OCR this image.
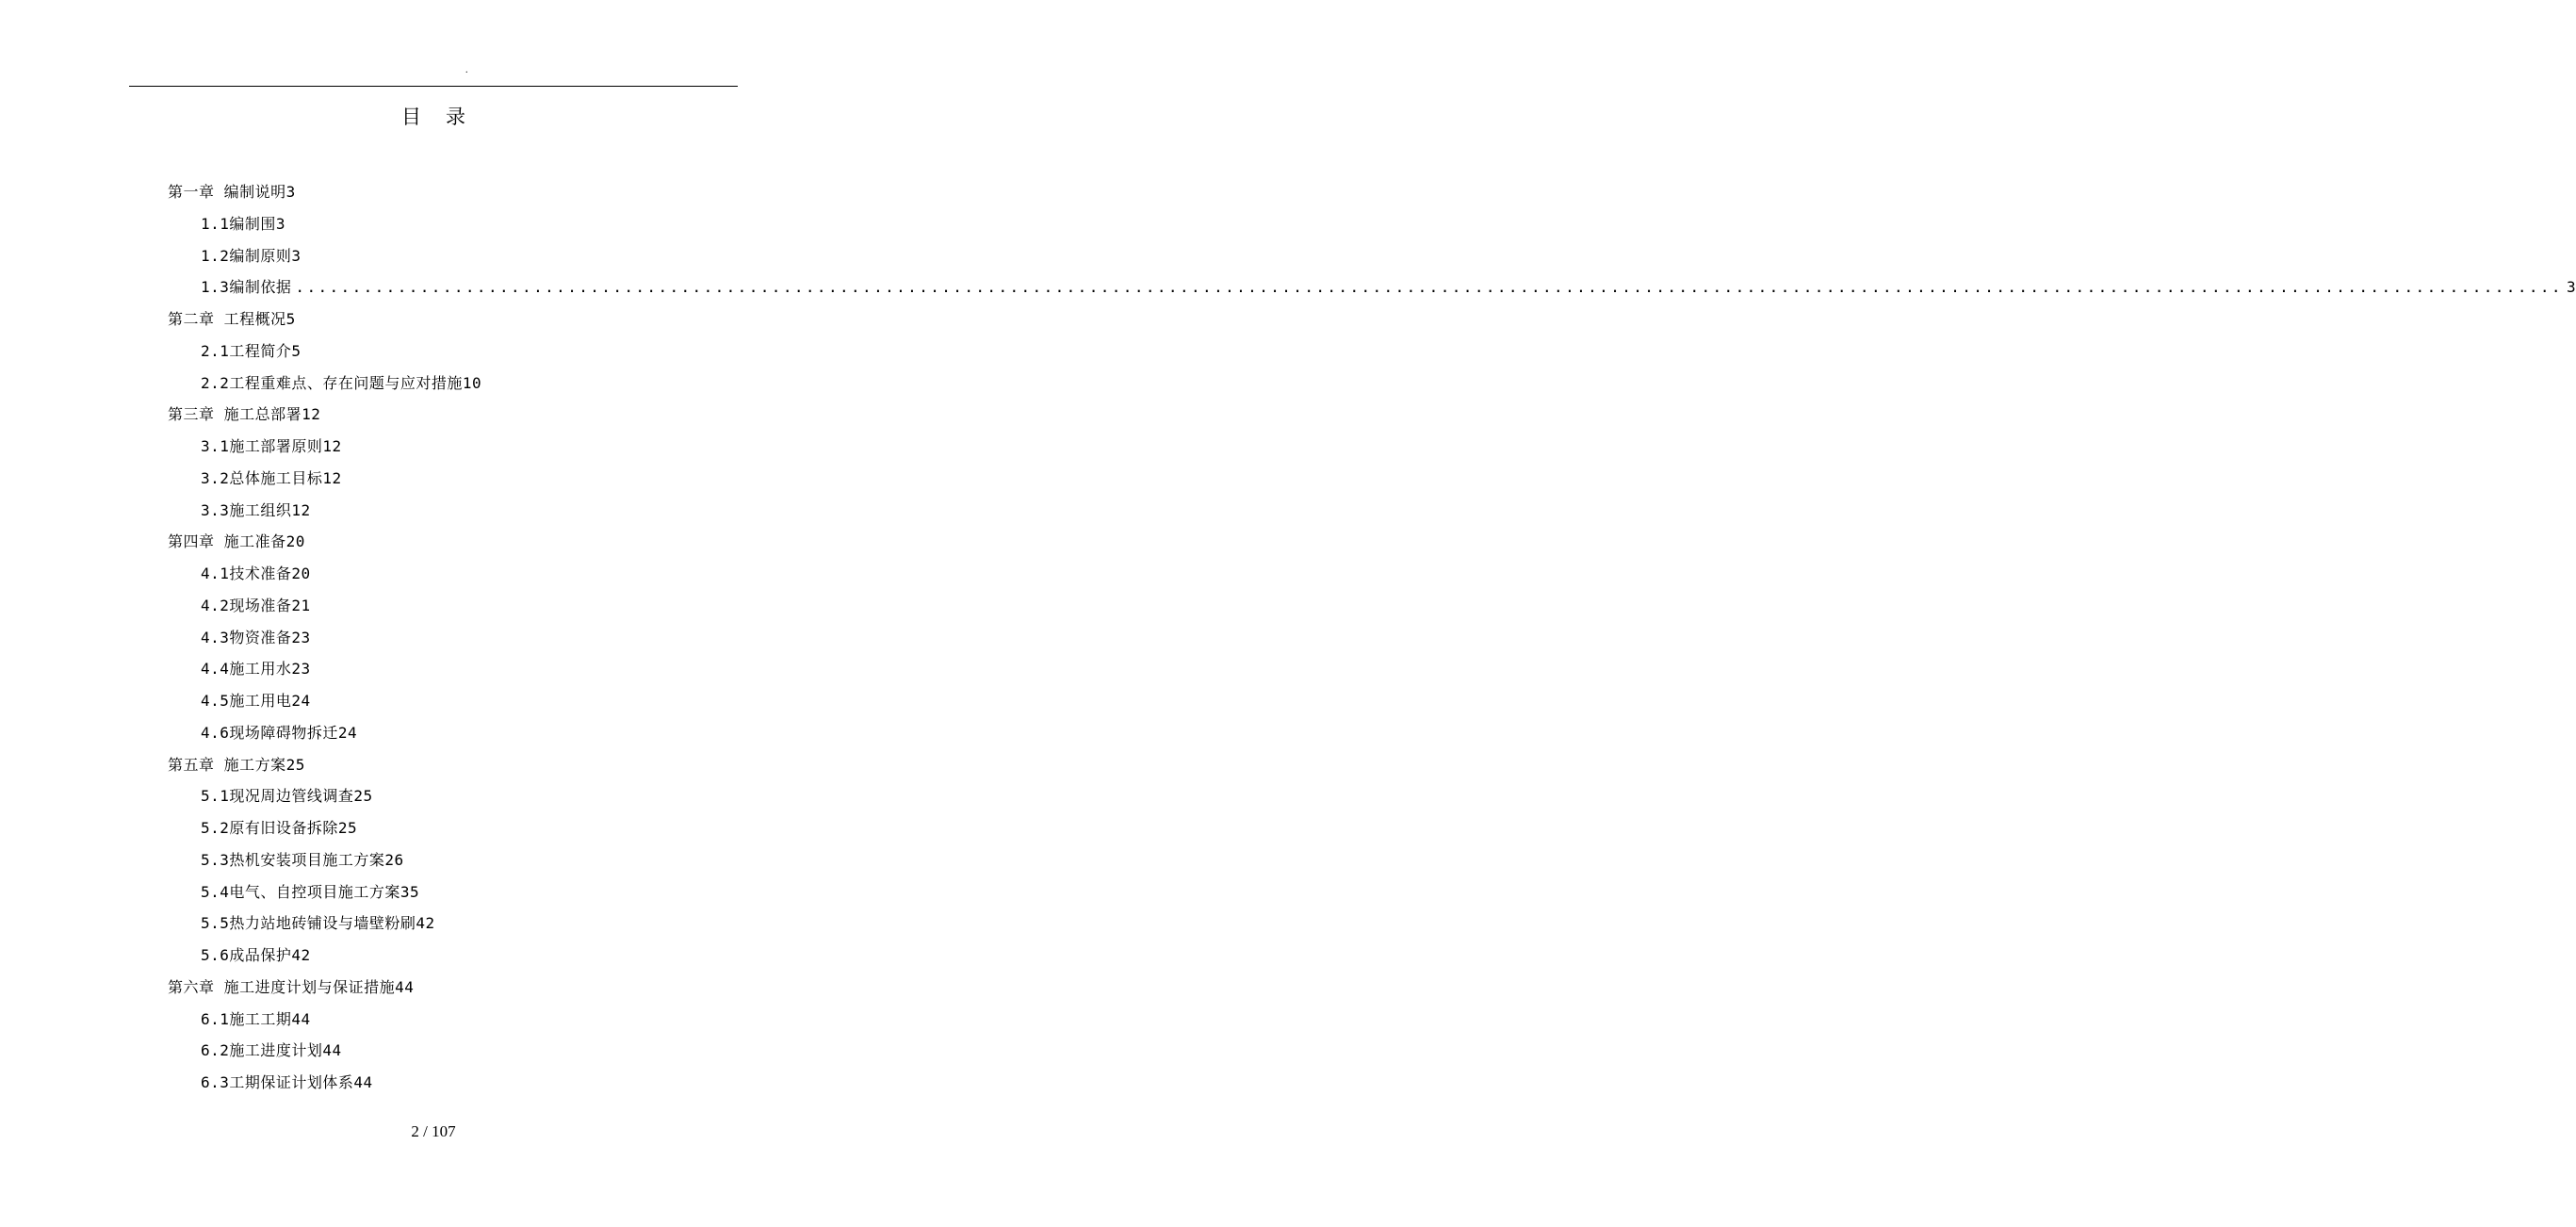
.
目录
第一章 编制说明3
1.1编制围3
1.2编制原则3
1.3编制依据 ........................................................................................................................................................................................................ 3
第二章 工程概况5
2.1工程简介5
2.2工程重难点、存在问题与应对措施10
第三章 施工总部署12
3.1施工部署原则12
3.2总体施工目标12
3.3施工组织12
第四章 施工准备20
4.1技术准备20
4.2现场准备21
4.3物资准备23
4.4施工用水23
4.5施工用电24
4.6现场障碍物拆迁24
第五章 施工方案25
5.1现况周边管线调查25
5.2原有旧设备拆除25
5.3热机安装项目施工方案26
5.4电气、自控项目施工方案35
5.5热力站地砖铺设与墙壁粉刷42
5.6成品保护42
第六章 施工进度计划与保证措施44
6.1施工工期44
6.2施工进度计划44
6.3工期保证计划体系44
2 / 107
